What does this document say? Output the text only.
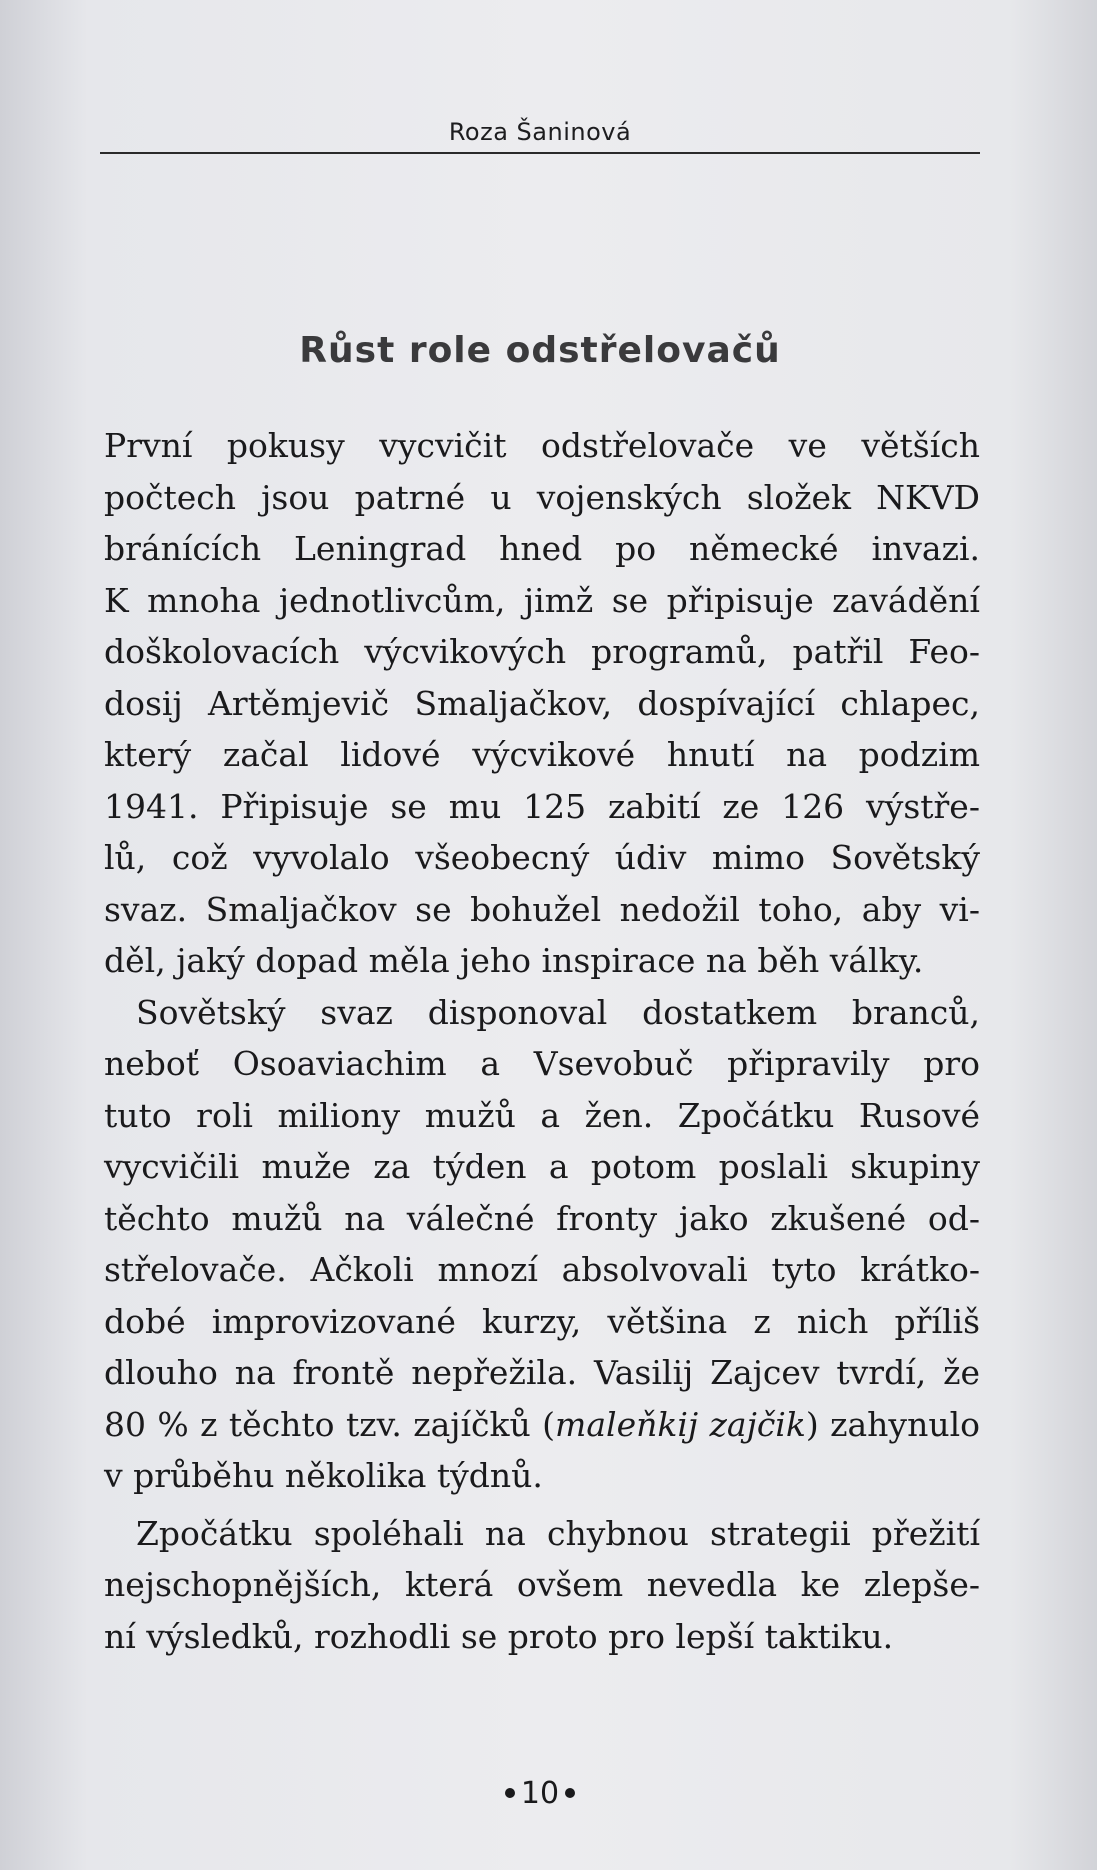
Roza Šaninová
Růst role odstřelovačů
První pokusy vycvičit odstřelovače ve větších
počtech jsou patrné u vojenských složek NKVD
bránících Leningrad hned po německé invazi.
K mnoha jednotlivcům, jimž se připisuje zavádění
doškolovacích výcvikových programů, patřil Feo-
dosij Artěmjevič Smaljačkov, dospívající chlapec,
který začal lidové výcvikové hnutí na podzim
1941. Připisuje se mu 125 zabití ze 126 výstře-
lů, což vyvolalo všeobecný údiv mimo Sovětský
svaz. Smaljačkov se bohužel nedožil toho, aby vi-
děl, jaký dopad měla jeho inspirace na běh války.
Sovětský svaz disponoval dostatkem branců,
neboť Osoaviachim a Vsevobuč připravily pro
tuto roli miliony mužů a žen. Zpočátku Rusové
vycvičili muže za týden a potom poslali skupiny
těchto mužů na válečné fronty jako zkušené od-
střelovače. Ačkoli mnozí absolvovali tyto krátko-
dobé improvizované kurzy, většina z nich příliš
dlouho na frontě nepřežila. Vasilij Zajcev tvrdí, že
80 % z těchto tzv. zajíčků (maleňkij zajčik) zahynulo
v průběhu několika týdnů.
Zpočátku spoléhali na chybnou strategii přežití
nejschopnějších, která ovšem nevedla ke zlepše-
ní výsledků, rozhodli se proto pro lepší taktiku.
10
